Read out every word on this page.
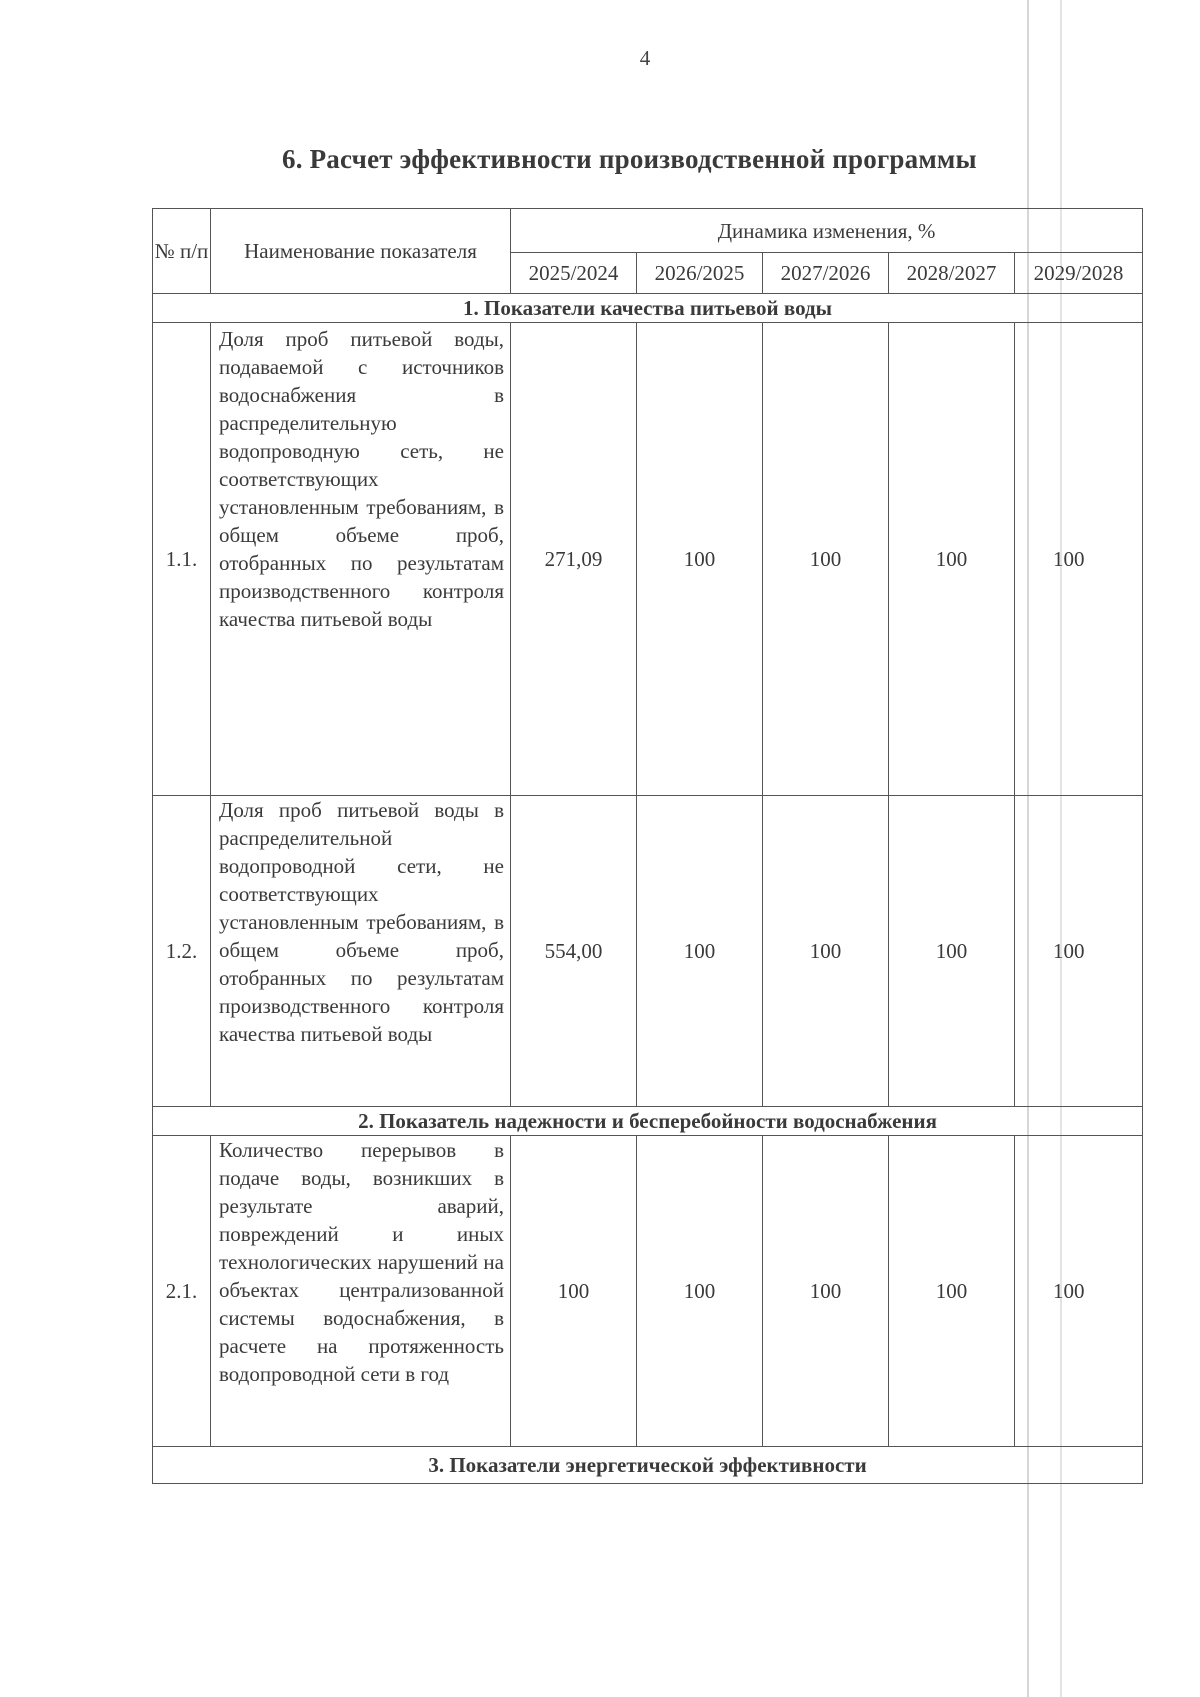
4
6. Расчет эффективности производственной программы
№ п/п	Наименование показателя	Динамика изменения, %				
		2025/2024	2026/2025	2027/2026	2028/2027	2029/2028
1. Показатели качества питьевой воды						
1.1.	Доля проб питьевой воды, подаваемой с источников водоснабжения в распределительную водопроводную сеть, не соответствующих установленным требованиям, в общем объеме проб, отобранных по результатам производственного контроля качества питьевой воды	271,09	100	100	100	100
1.2.	Доля проб питьевой воды в распределительной водопроводной сети, не соответствующих установленным требованиям, в общем объеме проб, отобранных по результатам производственного контроля качества питьевой воды	554,00	100	100	100	100
2. Показатель надежности и бесперебойности водоснабжения						
2.1.	Количество перерывов в подаче воды, возникших в результате аварий, повреждений и иных технологических нарушений на объектах централизованной системы водоснабжения, в расчете на протяженность водопроводной сети в год	100	100	100	100	100
3. Показатели энергетической эффективности						
